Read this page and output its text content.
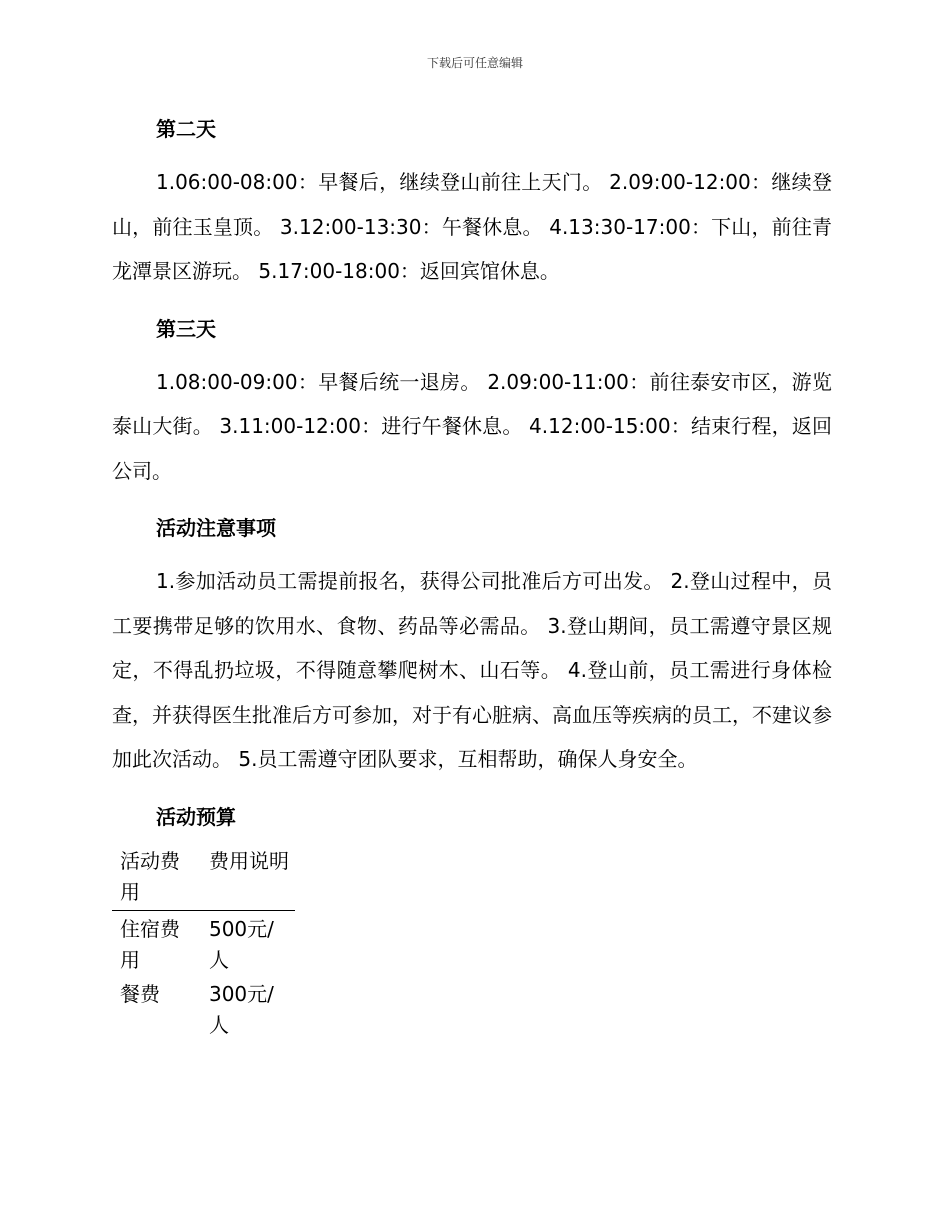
下载后可任意编辑
第二天

1.06:00-08:00：早餐后，继续登山前往上天门。 2.09:00-12:00：继续登山，前往玉皇顶。 3.12:00-13:30：午餐休息。 4.13:30-17:00：下山，前往青龙潭景区游玩。 5.17:00-18:00：返回宾馆休息。

第三天

1.08:00-09:00：早餐后统一退房。 2.09:00-11:00：前往泰安市区，游览泰山大街。 3.11:00-12:00：进行午餐休息。 4.12:00-15:00：结束行程，返回公司。

活动注意事项

1.参加活动员工需提前报名，获得公司批准后方可出发。 2.登山过程中，员工要携带足够的饮用水、食物、药品等必需品。 3.登山期间，员工需遵守景区规定，不得乱扔垃圾，不得随意攀爬树木、山石等。 4.登山前，员工需进行身体检查，并获得医生批准后方可参加，对于有心脏病、高血压等疾病的员工，不建议参加此次活动。 5.员工需遵守团队要求，互相帮助，确保人身安全。

活动预算
活动费用	费用说明
住宿费用	500元/人
餐费	300元/人
